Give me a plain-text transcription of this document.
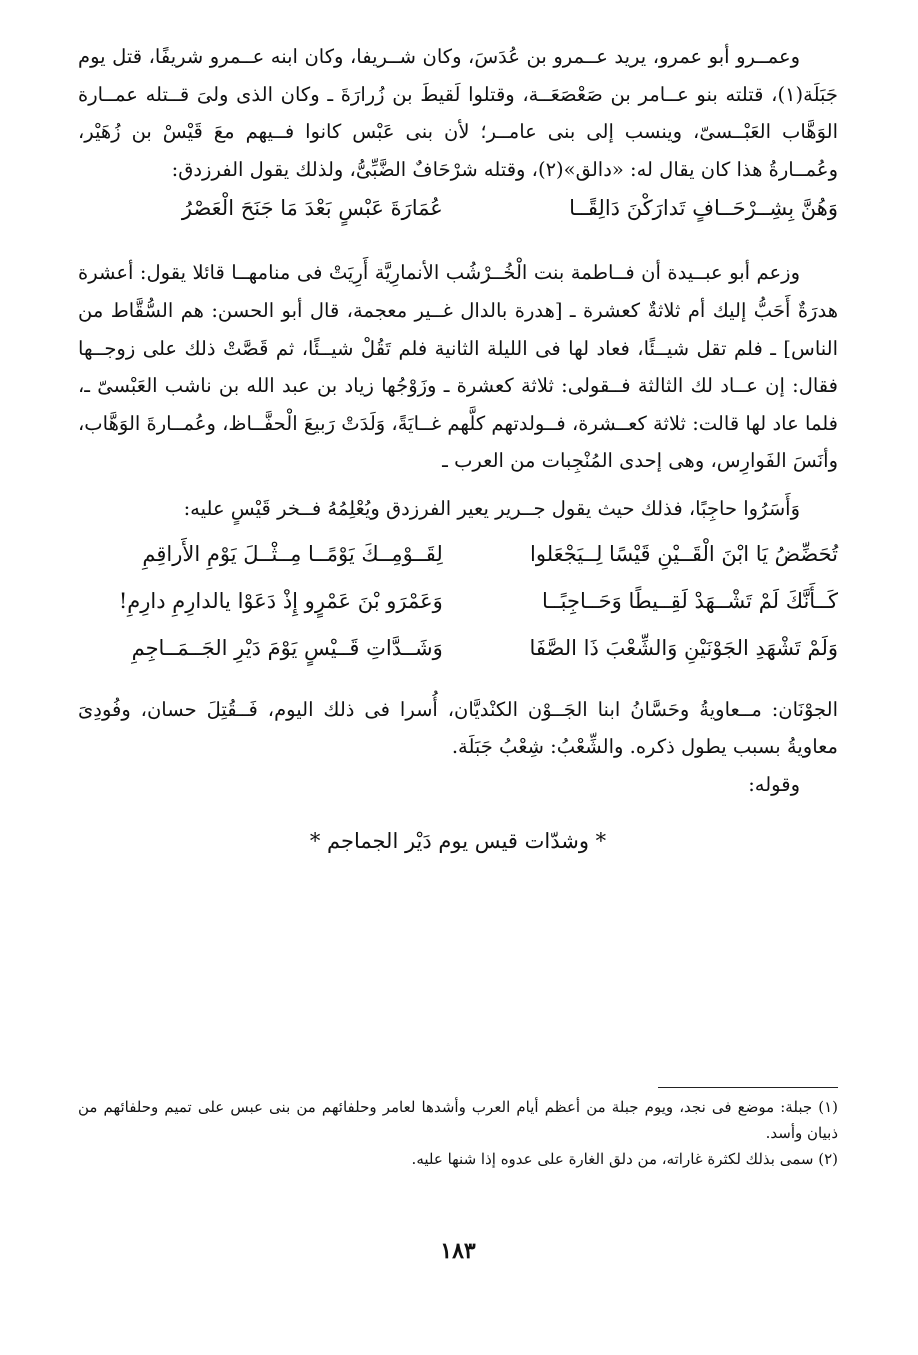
وعمــرو أبو عمرو، يريد عــمرو بن عُدَسَ، وكان شــريفا، وكان ابنه عــمرو شريفًا، قتل يوم جَبَلَة(١)، قتلته بنو عــامر بن صَعْصَعَــة، وقتلوا لَقيطَ بن زُرارَةَ ـ وكان الذى ولىَ قــتله عمــارة الوَهَّاب العَبْــسىّ، وينسب إلى بنى عامــر؛ لأن بنى عَبْس كانوا فــيهم معَ قَيْسْ بن زُهَيْر، وعُمــارةُ هذا كان يقال له: «دالق»(٢)، وقتله شرْحَافٌ الضَّبِّىُّ، ولذلك يقول الفرزدق:

وَهُنَّ بِشِــرْحَــافٍ تَدارَكْنَ دَالِقًــا
عُمَارَةَ عَبْسٍ بَعْدَ مَا جَنَحَ الْعَصْرُ

وزعم أبو عبــيدة أن فــاطمة بنت الْخُــرْشُب الأنمارِيَّة أَرِيَتْ فى منامهــا قائلا يقول: أعشرة هدرَةٌ أَحَبُّ إليك أم ثلاثةٌ كعشرة ـ [هدرة بالدال غــير معجمة، قال أبو الحسن: هم السُّقَّاط من الناس] ـ فلم تقل شيــئًا، فعاد لها فى الليلة الثانية فلم تَقُلْ شيــئًا، ثم قَصَّتْ ذلك على زوجــها فقال: إن عــاد لك الثالثة فــقولى: ثلاثة كعشرة ـ وزَوْجُها زياد بن عبد الله بن ناشب العَبْسىّ ـ، فلما عاد لها قالت: ثلاثة كعــشرة، فــولدتهم كلَّهم غــايَةً، وَلَدَتْ رَبيعَ الْحفَّــاظ، وعُمــارةَ الوَهَّاب، وأنَسَ الفَوارِس، وهى إحدى المُنْجِبات من العرب ـ

وَأَسَرُوا حاجِبًا، فذلك حيث يقول جــرير يعير الفرزدق ويُعْلِمُهُ فــخر قَيْسٍ عليه:

تُحَضِّضُ يَا ابْنَ الْقَــيْنِ قَيْسًا لِــيَجْعَلوا
لِقَــوْمِــكَ يَوْمًــا مِــثْــلَ يَوْمِ الأَراقِمِ
كَــأَنَّكَ لَمْ تَشْــهَدْ لَقِــيطًا وَحَــاجِبًــا
وَعَمْرَو بْنَ عَمْرٍو إِذْ دَعَوْا يالدارِمِ دارِمِ!
وَلَمْ تَشْهَدِ الجَوْنَيْنِ وَالشِّعْبَ ذَا الصَّفَا
وَشَــدَّاتِ قَــيْسٍ يَوْمَ دَيْرِ الجَــمَــاجِمِ

الجوْنَان: مــعاويةُ وحَسَّانُ ابنا الجَــوْن الكنْديَّان، أُسرا فى ذلك اليوم، فَــقُتِلَ حسان، وفُودِىَ معاويةُ بسبب يطول ذكره. والشِّعْبُ: شِعْبُ جَبَلَة.

وقوله:

* وشدّات قيس يوم دَيْر الجماجم *

(١) جبلة: موضع فى نجد، ويوم جبلة من أعظم أيام العرب وأشدها لعامر وحلفائهم من بنى عبس على تميم وحلفائهم من ذبيان وأسد.

(٢) سمى بذلك لكثرة غاراته، من دلق الغارة على عدوه إذا شنها عليه.

١٨٣
